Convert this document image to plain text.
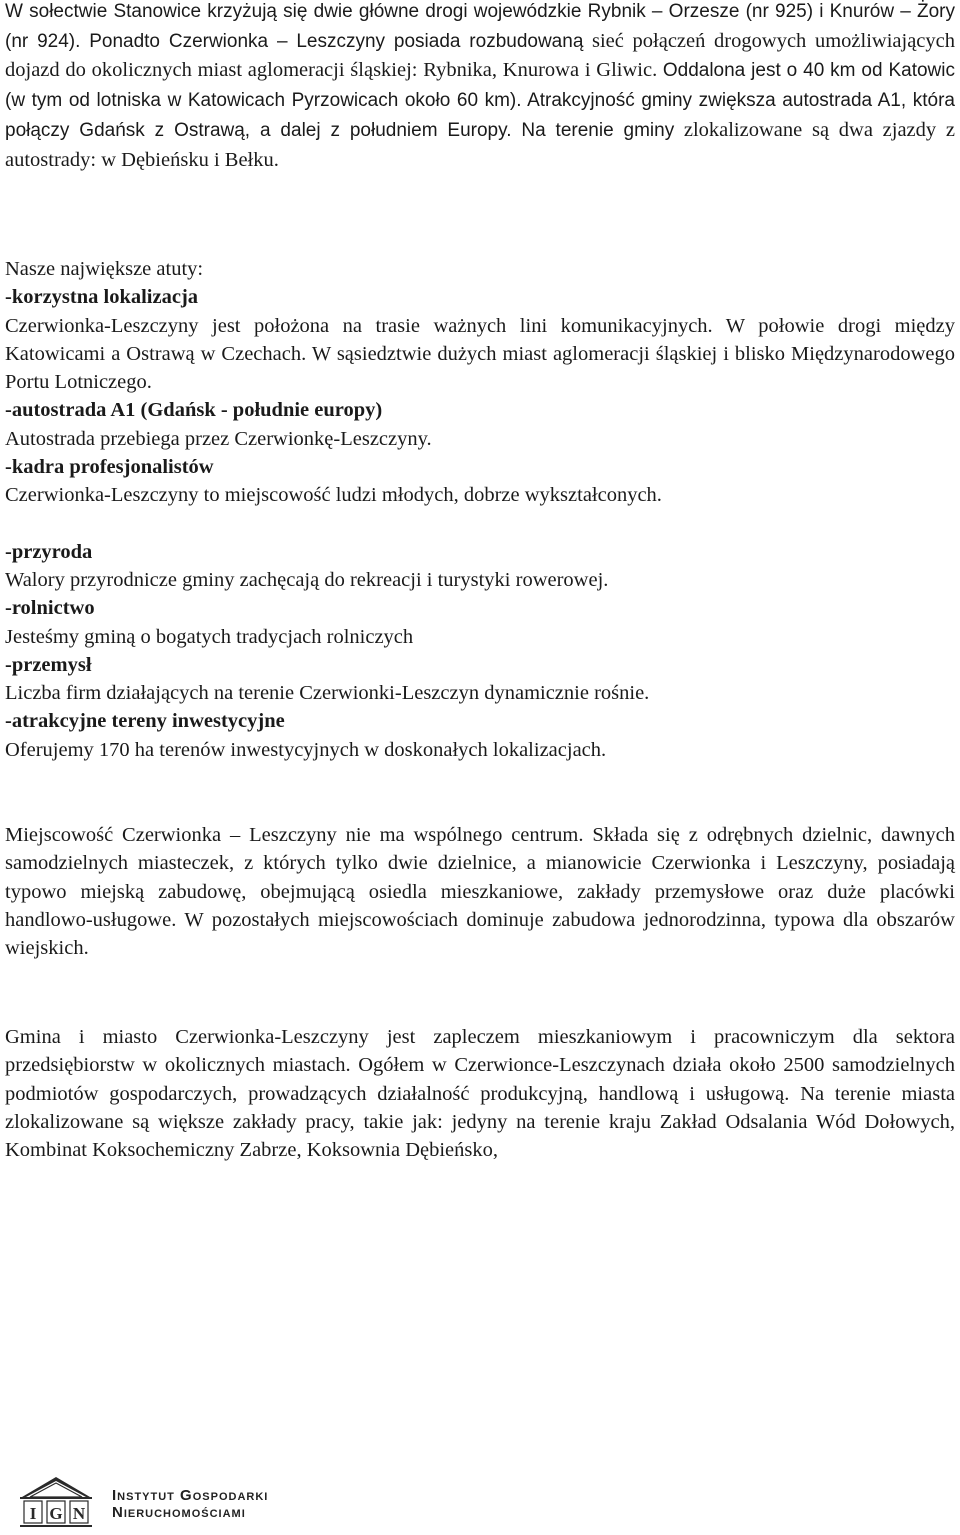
W sołectwie Stanowice krzyżują się dwie główne drogi wojewódzkie Rybnik – Orzesze (nr 925) i Knurów – Żory (nr 924). Ponadto Czerwionka – Leszczyny posiada rozbudowaną sieć połączeń drogowych umożliwiających dojazd do okolicznych miast aglomeracji śląskiej: Rybnika, Knurowa i Gliwic. Oddalona jest o 40 km od Katowic (w tym od lotniska w Katowicach Pyrzowicach około 60 km). Atrakcyjność gminy zwiększa autostrada A1, która połączy Gdańsk z Ostrawą, a dalej z południem Europy. Na terenie gminy zlokalizowane są dwa zjazdy z autostrady: w Dębieńsku i Bełku.

Nasze największe atuty:
-korzystna lokalizacja
Czerwionka-Leszczyny jest położona na trasie ważnych lini komunikacyjnych. W połowie drogi między Katowicami a Ostrawą w Czechach. W sąsiedztwie dużych miast aglomeracji śląskiej i blisko Międzynarodowego Portu Lotniczego.
-autostrada A1 (Gdańsk - południe europy)
Autostrada przebiega przez Czerwionkę-Leszczyny.
-kadra profesjonalistów
Czerwionka-Leszczyny to miejscowość ludzi młodych, dobrze wykształconych.
-przyroda
Walory przyrodnicze gminy zachęcają do rekreacji i turystyki rowerowej.
-rolnictwo
Jesteśmy gminą o bogatych tradycjach rolniczych
-przemysł
Liczba firm działających na terenie Czerwionki-Leszczyn dynamicznie rośnie.
-atrakcyjne tereny inwestycyjne
Oferujemy 170 ha terenów inwestycyjnych w doskonałych lokalizacjach.

Miejscowość Czerwionka – Leszczyny nie ma wspólnego centrum. Składa się z odrębnych dzielnic, dawnych samodzielnych miasteczek, z których tylko dwie dzielnice, a mianowicie Czerwionka i Leszczyny, posiadają typowo miejską zabudowę, obejmującą osiedla mieszkaniowe, zakłady przemysłowe oraz duże placówki handlowo-usługowe. W pozostałych miejscowościach dominuje zabudowa jednorodzinna, typowa dla obszarów wiejskich.

Gmina i miasto Czerwionka-Leszczyny jest zapleczem mieszkaniowym i pracowniczym dla sektora przedsiębiorstw w okolicznych miastach. Ogółem w Czerwionce-Leszczynach działa około 2500 samodzielnych podmiotów gospodarczych, prowadzących działalność produkcyjną, handlową i usługową. Na terenie miasta zlokalizowane są większe zakłady pracy, takie jak: jedyny na terenie kraju Zakład Odsalania Wód Dołowych, Kombinat Koksochemiczny Zabrze, Koksownia Dębieńsko,

I G N
Instytut Gospodarki
Nieruchomościami
